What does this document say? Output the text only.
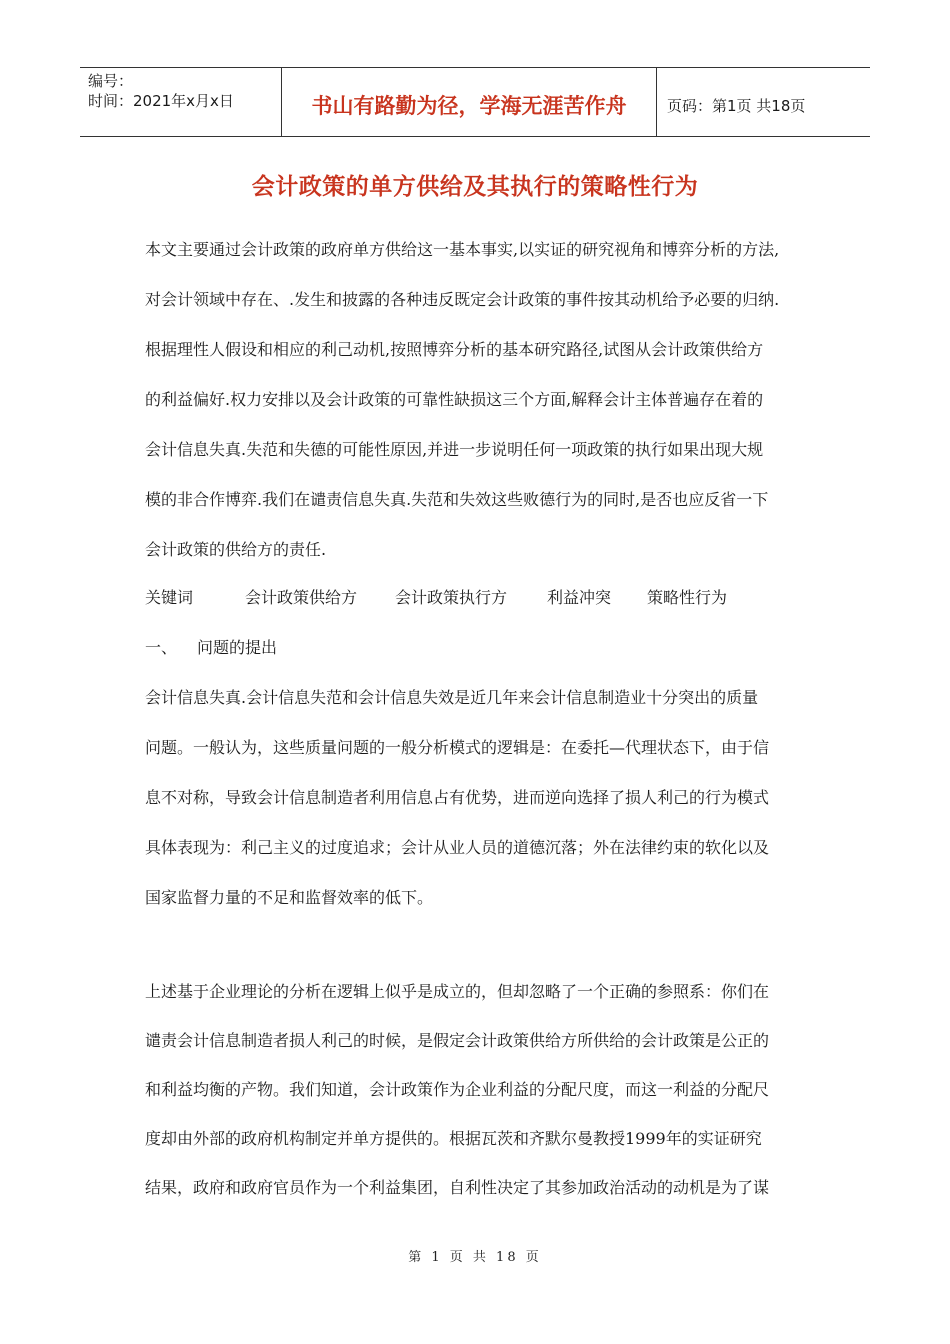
编号：
时间：2021年x月x日	书山有路勤为径，学海无涯苦作舟	页码：第1页 共18页
会计政策的单方供给及其执行的策略性行为
本文主要通过会计政策的政府单方供给这一基本事实,以实证的研究视角和博弈分析的方法,
对会计领域中存在、.发生和披露的各种违反既定会计政策的事件按其动机给予必要的归纳.
根据理性人假设和相应的利己动机,按照博弈分析的基本研究路径,试图从会计政策供给方
的利益偏好.权力安排以及会计政策的可靠性缺损这三个方面,解释会计主体普遍存在着的
会计信息失真.失范和失德的可能性原因,并进一步说明任何一项政策的执行如果出现大规
模的非合作博弈.我们在谴责信息失真.失范和失效这些败德行为的同时,是否也应反省一下
会计政策的供给方的责任.
关键词	会计政策供给方 会计政策执行方 利益冲突 策略性行为
一、 问题的提出
会计信息失真.会计信息失范和会计信息失效是近几年来会计信息制造业十分突出的质量
问题。一般认为，这些质量问题的一般分析模式的逻辑是：在委托—代理状态下，由于信
息不对称，导致会计信息制造者利用信息占有优势，进而逆向选择了损人利己的行为模式
具体表现为：利己主义的过度追求；会计从业人员的道德沉落；外在法律约束的软化以及
国家监督力量的不足和监督效率的低下。
上述基于企业理论的分析在逻辑上似乎是成立的，但却忽略了一个正确的参照系：你们在
谴责会计信息制造者损人利己的时候，是假定会计政策供给方所供给的会计政策是公正的
和利益均衡的产物。我们知道，会计政策作为企业利益的分配尺度，而这一利益的分配尺
度却由外部的政府机构制定并单方提供的。根据瓦茨和齐默尔曼教授1999年的实证研究
结果，政府和政府官员作为一个利益集团，自利性决定了其参加政治活动的动机是为了谋
第 1 页 共 18 页
